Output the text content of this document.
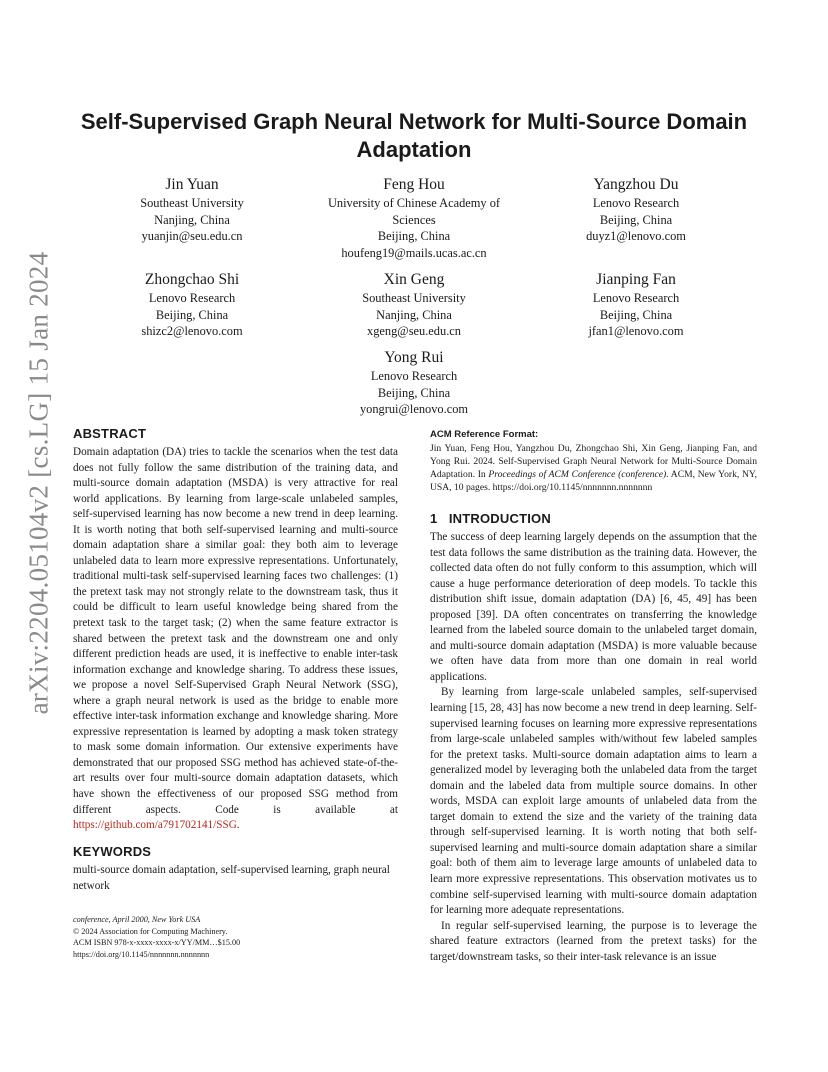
arXiv:2204.05104v2 [cs.LG] 15 Jan 2024
Self-Supervised Graph Neural Network for Multi-Source Domain Adaptation
Jin Yuan
Southeast University
Nanjing, China
yuanjin@seu.edu.cn
Feng Hou
University of Chinese Academy of Sciences
Beijing, China
houfeng19@mails.ucas.ac.cn
Yangzhou Du
Lenovo Research
Beijing, China
duyz1@lenovo.com
Zhongchao Shi
Lenovo Research
Beijing, China
shizc2@lenovo.com
Xin Geng
Southeast University
Nanjing, China
xgeng@seu.edu.cn
Jianping Fan
Lenovo Research
Beijing, China
jfan1@lenovo.com
Yong Rui
Lenovo Research
Beijing, China
yongrui@lenovo.com
ABSTRACT

Domain adaptation (DA) tries to tackle the scenarios when the test data does not fully follow the same distribution of the training data, and multi-source domain adaptation (MSDA) is very attractive for real world applications. By learning from large-scale unlabeled samples, self-supervised learning has now become a new trend in deep learning. It is worth noting that both self-supervised learning and multi-source domain adaptation share a similar goal: they both aim to leverage unlabeled data to learn more expressive representations. Unfortunately, traditional multi-task self-supervised learning faces two challenges: (1) the pretext task may not strongly relate to the downstream task, thus it could be difficult to learn useful knowledge being shared from the pretext task to the target task; (2) when the same feature extractor is shared between the pretext task and the downstream one and only different prediction heads are used, it is ineffective to enable inter-task information exchange and knowledge sharing. To address these issues, we propose a novel Self-Supervised Graph Neural Network (SSG), where a graph neural network is used as the bridge to enable more effective inter-task information exchange and knowledge sharing. More expressive representation is learned by adopting a mask token strategy to mask some domain information. Our extensive experiments have demonstrated that our proposed SSG method has achieved state-of-the-art results over four multi-source domain adaptation datasets, which have shown the effectiveness of our proposed SSG method from different aspects. Code is available at https://github.com/a791702141/SSG.

KEYWORDS

multi-source domain adaptation, self-supervised learning, graph neural network

conference, April 2000, New York USA
© 2024 Association for Computing Machinery.
ACM ISBN 978-x-xxxx-xxxx-x/YY/MM…$15.00
https://doi.org/10.1145/nnnnnnn.nnnnnnn
ACM Reference Format:
Jin Yuan, Feng Hou, Yangzhou Du, Zhongchao Shi, Xin Geng, Jianping Fan, and Yong Rui. 2024. Self-Supervised Graph Neural Network for Multi-Source Domain Adaptation. In Proceedings of ACM Conference (conference). ACM, New York, NY, USA, 10 pages. https://doi.org/10.1145/nnnnnnn.nnnnnnn
1   INTRODUCTION

The success of deep learning largely depends on the assumption that the test data follows the same distribution as the training data. However, the collected data often do not fully conform to this assumption, which will cause a huge performance deterioration of deep models. To tackle this distribution shift issue, domain adaptation (DA) [6, 45, 49] has been proposed [39]. DA often concentrates on transferring the knowledge learned from the labeled source domain to the unlabeled target domain, and multi-source domain adaptation (MSDA) is more valuable because we often have data from more than one domain in real world applications.

By learning from large-scale unlabeled samples, self-supervised learning [15, 28, 43] has now become a new trend in deep learning. Self-supervised learning focuses on learning more expressive representations from large-scale unlabeled samples with/without few labeled samples for the pretext tasks. Multi-source domain adaptation aims to learn a generalized model by leveraging both the unlabeled data from the target domain and the labeled data from multiple source domains. In other words, MSDA can exploit large amounts of unlabeled data from the target domain to extend the size and the variety of the training data through self-supervised learning. It is worth noting that both self-supervised learning and multi-source domain adaptation share a similar goal: both of them aim to leverage large amounts of unlabeled data to learn more expressive representations. This observation motivates us to combine self-supervised learning with multi-source domain adaptation for learning more adequate representations.

In regular self-supervised learning, the purpose is to leverage the shared feature extractors (learned from the pretext tasks) for the target/downstream tasks, so their inter-task relevance is an issue
